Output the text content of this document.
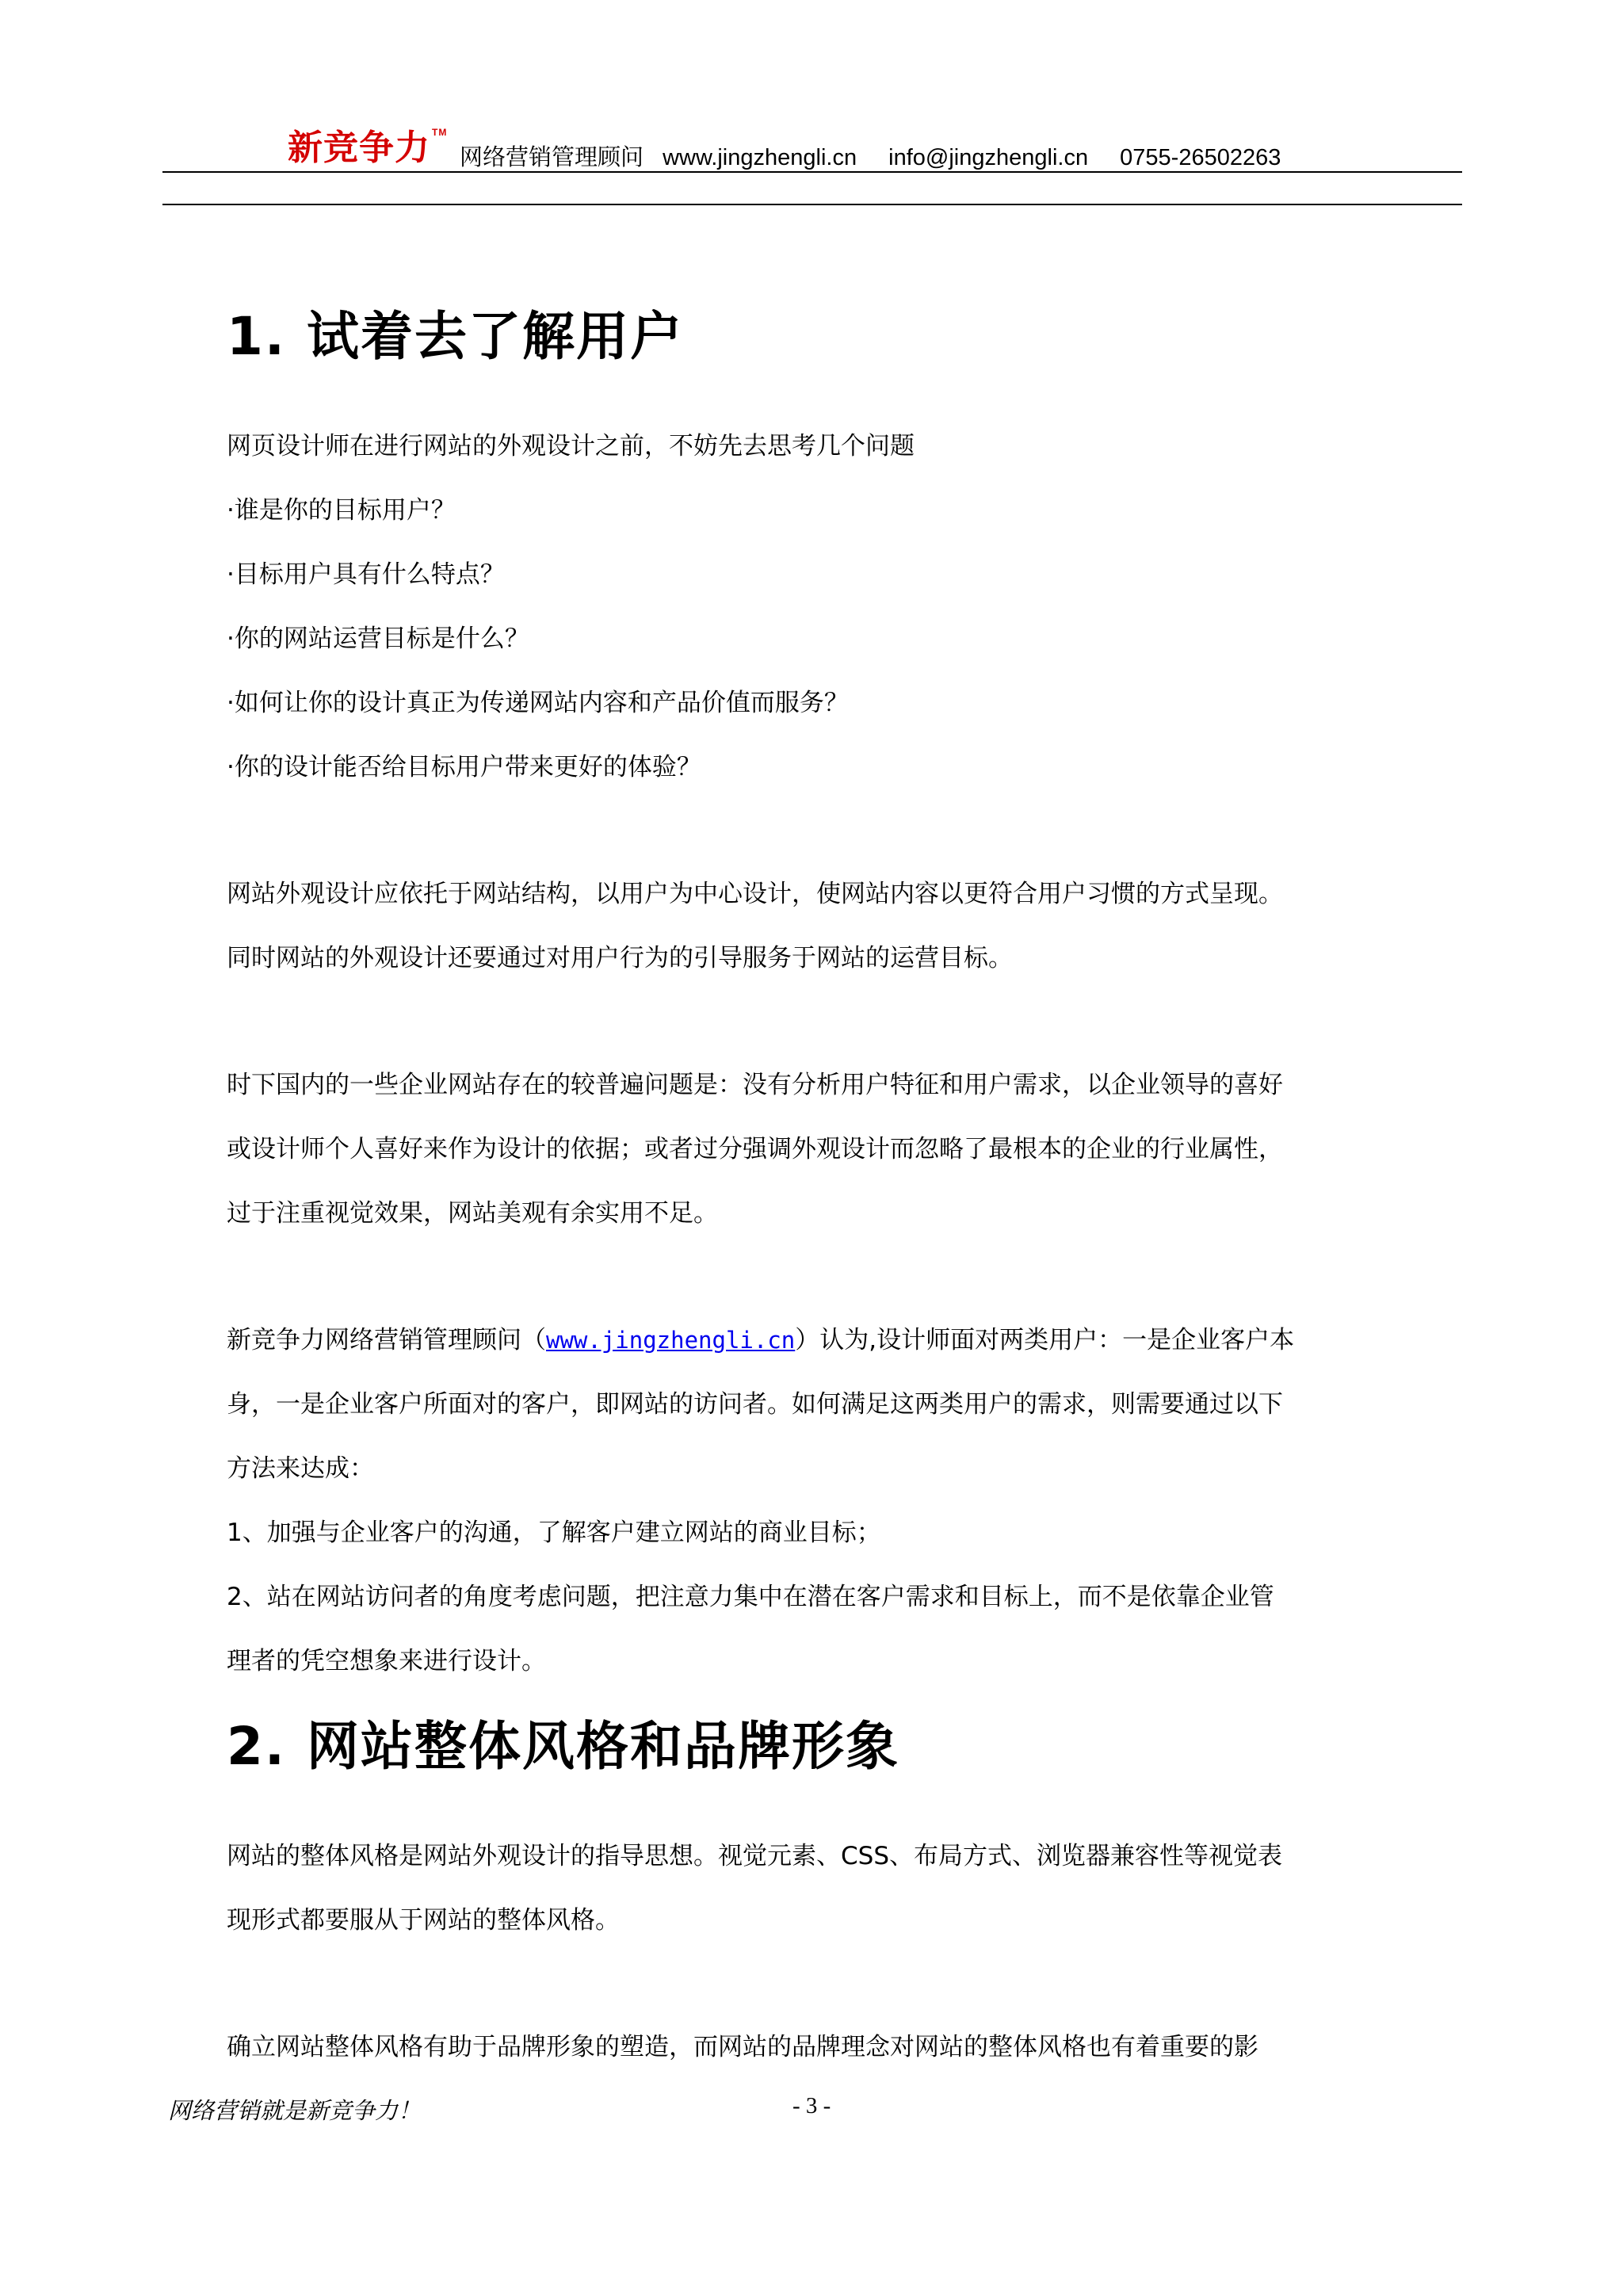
新竞争力 ™
网络营销管理顾问 www.jingzhengli.cn info@jingzhengli.cn 0755-26502263
1. 试着去了解用户

网页设计师在进行网站的外观设计之前，不妨先去思考几个问题

·谁是你的目标用户？

·目标用户具有什么特点？

·你的网站运营目标是什么？

·如何让你的设计真正为传递网站内容和产品价值而服务？

·你的设计能否给目标用户带来更好的体验？

网站外观设计应依托于网站结构，以用户为中心设计，使网站内容以更符合用户习惯的方式呈现。

同时网站的外观设计还要通过对用户行为的引导服务于网站的运营目标。

时下国内的一些企业网站存在的较普遍问题是：没有分析用户特征和用户需求，以企业领导的喜好

或设计师个人喜好来作为设计的依据；或者过分强调外观设计而忽略了最根本的企业的行业属性，

过于注重视觉效果，网站美观有余实用不足。

新竞争力网络营销管理顾问（www.jingzhengli.cn）认为,设计师面对两类用户：一是企业客户本

身，一是企业客户所面对的客户，即网站的访问者。如何满足这两类用户的需求，则需要通过以下

方法来达成：

1、加强与企业客户的沟通，了解客户建立网站的商业目标；

2、站在网站访问者的角度考虑问题，把注意力集中在潜在客户需求和目标上，而不是依靠企业管

理者的凭空想象来进行设计。

2. 网站整体风格和品牌形象

网站的整体风格是网站外观设计的指导思想。视觉元素、CSS、布局方式、浏览器兼容性等视觉表

现形式都要服从于网站的整体风格。

确立网站整体风格有助于品牌形象的塑造，而网站的品牌理念对网站的整体风格也有着重要的影

网络营销就是新竞争力！	- 3 -
